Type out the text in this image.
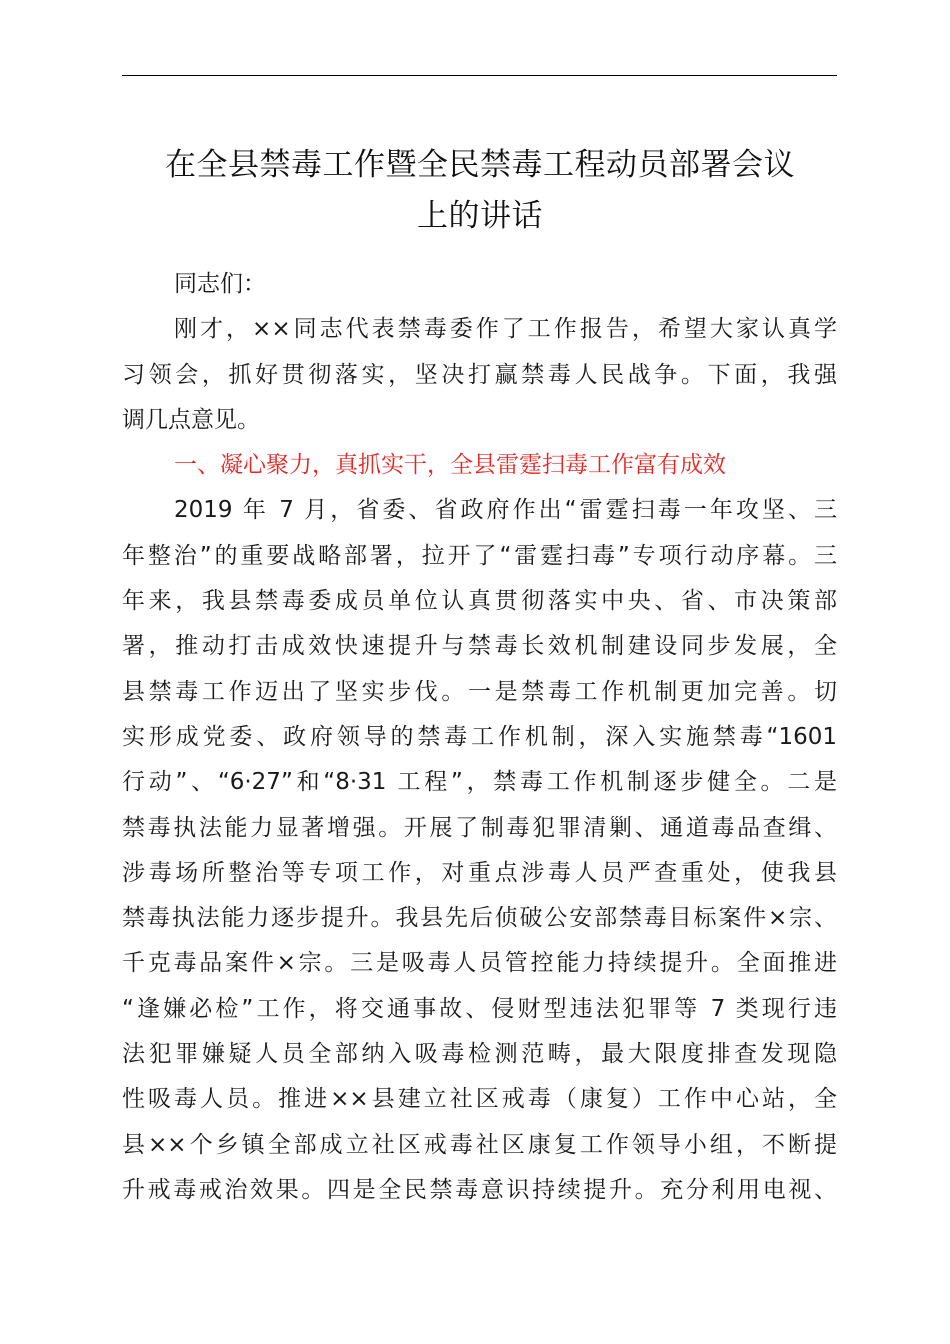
在全县禁毒工作暨全民禁毒工程动员部署会议
上的讲话
同志们：
刚才，××同志代表禁毒委作了工作报告，希望大家认真学
习领会，抓好贯彻落实，坚决打赢禁毒人民战争。下面，我强
调几点意见。
一、凝心聚力，真抓实干，全县雷霆扫毒工作富有成效
2019 年 7 月，省委、省政府作出“雷霆扫毒一年攻坚、三
年整治”的重要战略部署，拉开了“雷霆扫毒”专项行动序幕。三
年来，我县禁毒委成员单位认真贯彻落实中央、省、市决策部
署，推动打击成效快速提升与禁毒长效机制建设同步发展，全
县禁毒工作迈出了坚实步伐。一是禁毒工作机制更加完善。切
实形成党委、政府领导的禁毒工作机制，深入实施禁毒“1601
行动”、“6·27”和“8·31 工程”，禁毒工作机制逐步健全。二是
禁毒执法能力显著增强。开展了制毒犯罪清剿、通道毒品查缉、
涉毒场所整治等专项工作，对重点涉毒人员严查重处，使我县
禁毒执法能力逐步提升。我县先后侦破公安部禁毒目标案件×宗、
千克毒品案件×宗。三是吸毒人员管控能力持续提升。全面推进
“逢嫌必检”工作，将交通事故、侵财型违法犯罪等 7 类现行违
法犯罪嫌疑人员全部纳入吸毒检测范畴，最大限度排查发现隐
性吸毒人员。推进××县建立社区戒毒（康复）工作中心站，全
县××个乡镇全部成立社区戒毒社区康复工作领导小组，不断提
升戒毒戒治效果。四是全民禁毒意识持续提升。充分利用电视、
